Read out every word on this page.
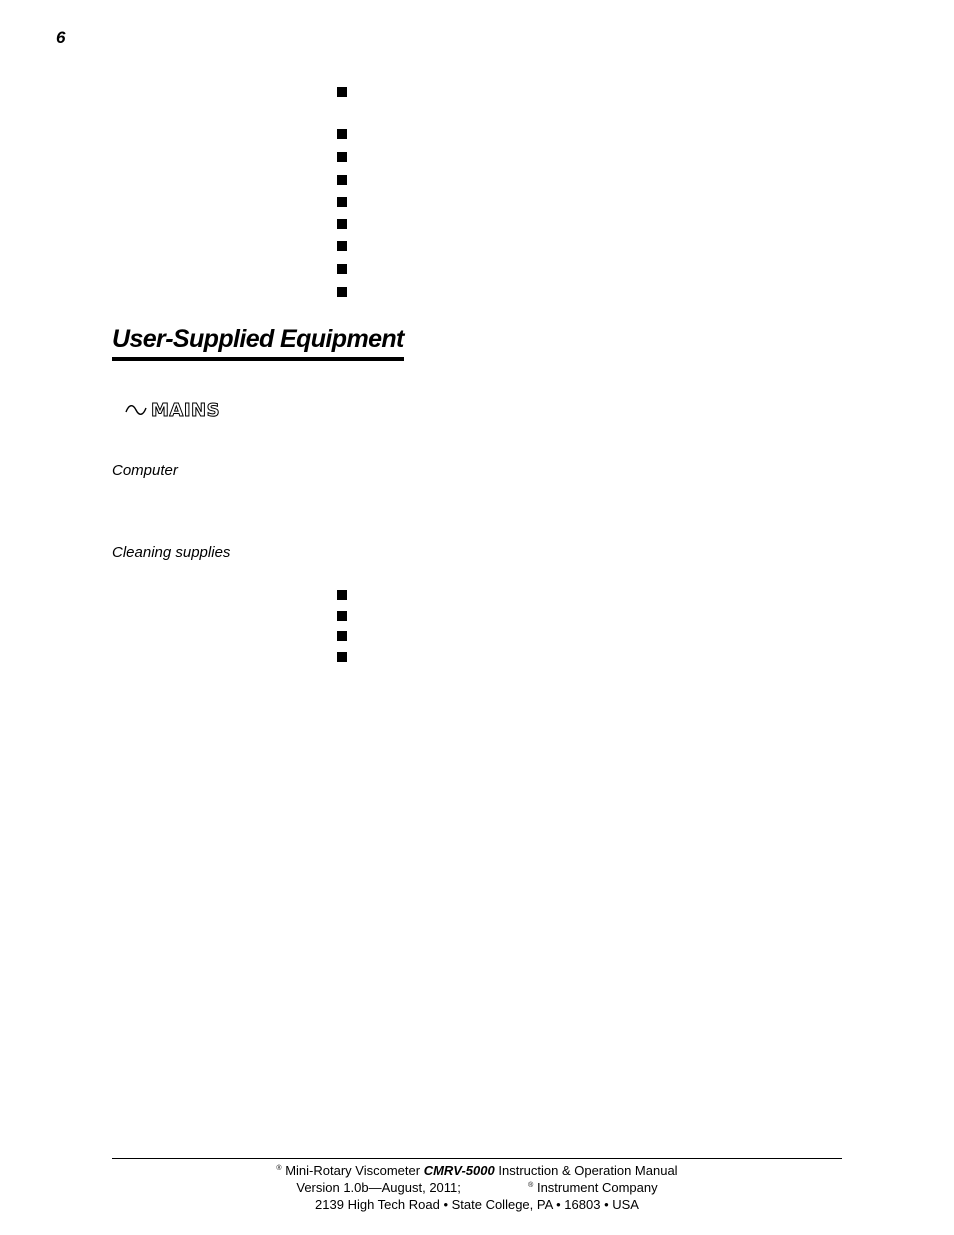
6
User-Supplied Equipment
MAINS
Computer
Cleaning supplies
® Mini-Rotary Viscometer CMRV-5000 Instruction & Operation Manual
Version 1.0b—August, 2011;	® Instrument Company
2139 High Tech Road • State College, PA • 16803 • USA
